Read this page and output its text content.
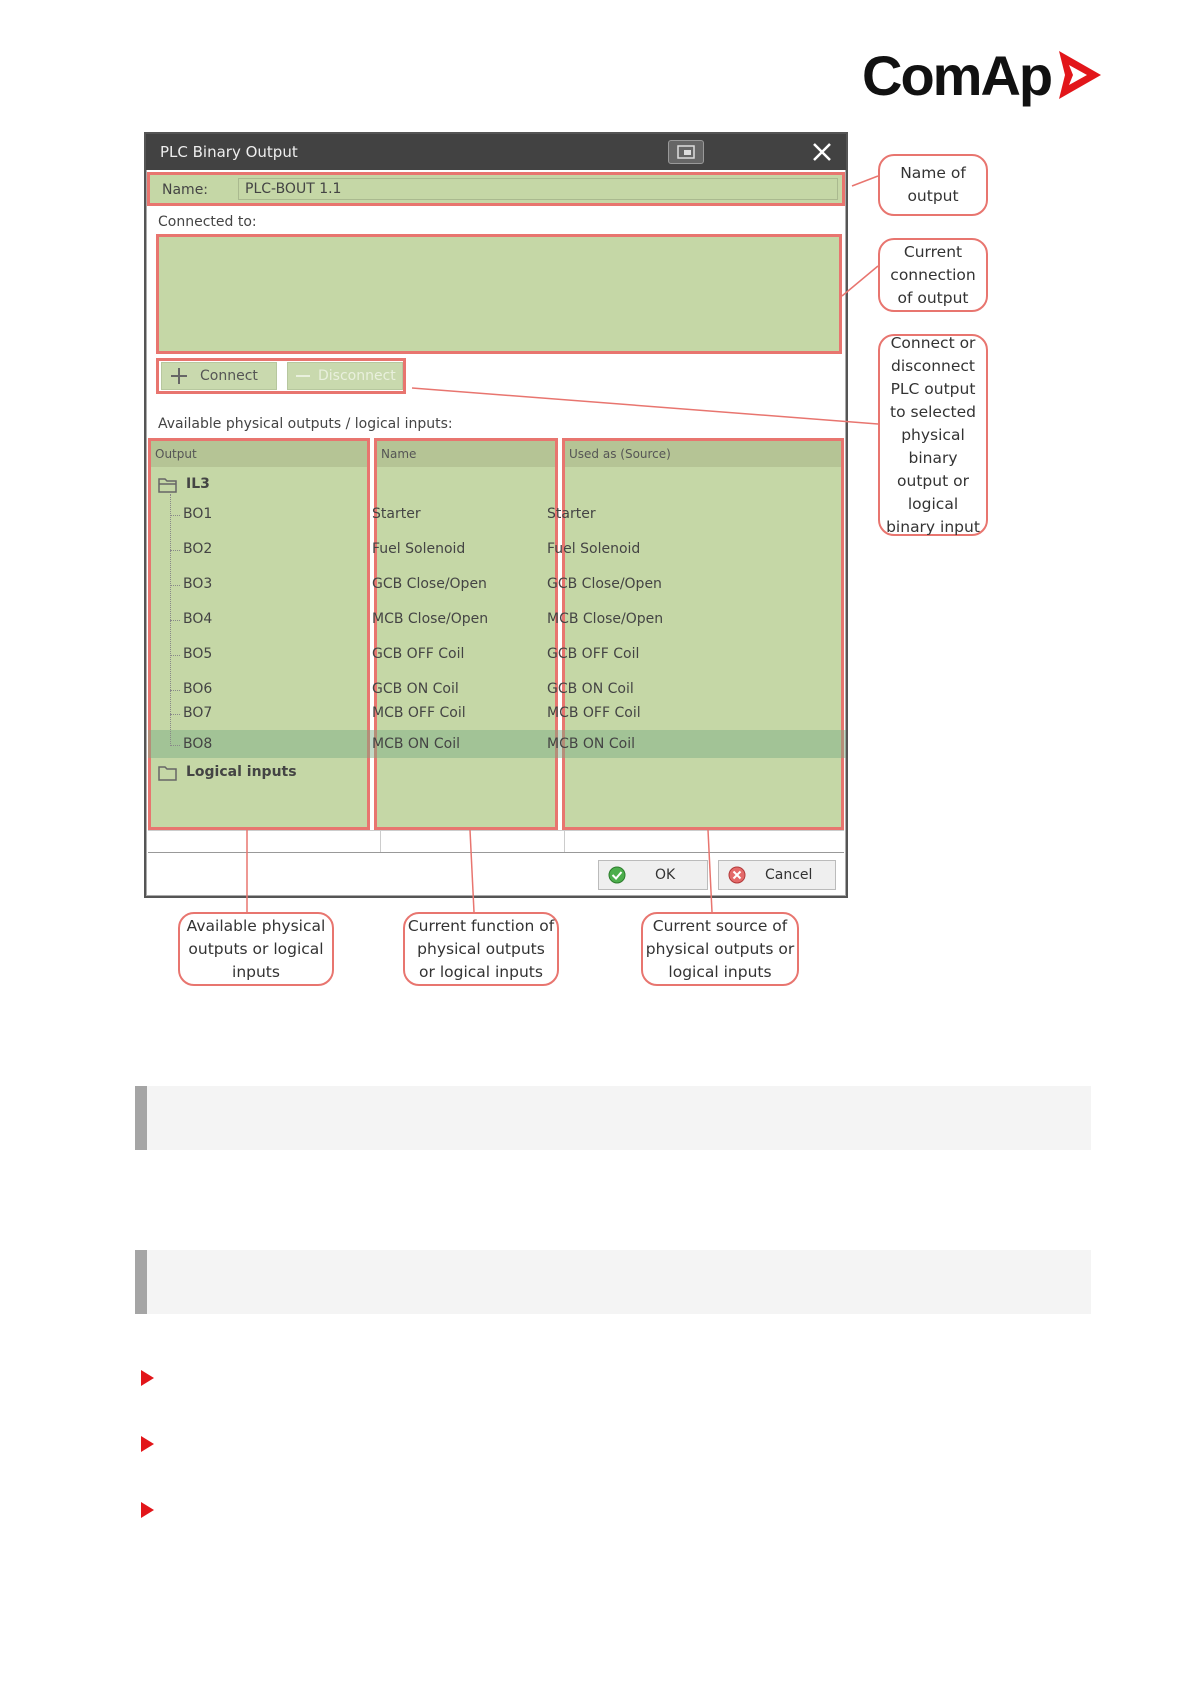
ComAp
PLC Binary Output
Name:	PLC-BOUT 1.1
Connected to:
Connect	Disconnect
Available physical outputs / logical inputs:
Output	Name	Used as (Source)
IL3
BO1	Starter	Starter
BO2	Fuel Solenoid	Fuel Solenoid
BO3	GCB Close/Open	GCB Close/Open
BO4	MCB Close/Open	MCB Close/Open
BO5	GCB OFF Coil	GCB OFF Coil
BO6	GCB ON Coil	GCB ON Coil
BO7	MCB OFF Coil	MCB OFF Coil
BO8	MCB ON Coil	MCB ON Coil
Logical inputs
OK	Cancel
Name of output
Current connection of output
Connect or disconnect PLC output to selected physical binary output or logical binary input
Available physical outputs or logical inputs
Current function of physical outputs or logical inputs
Current source of physical outputs or logical inputs
